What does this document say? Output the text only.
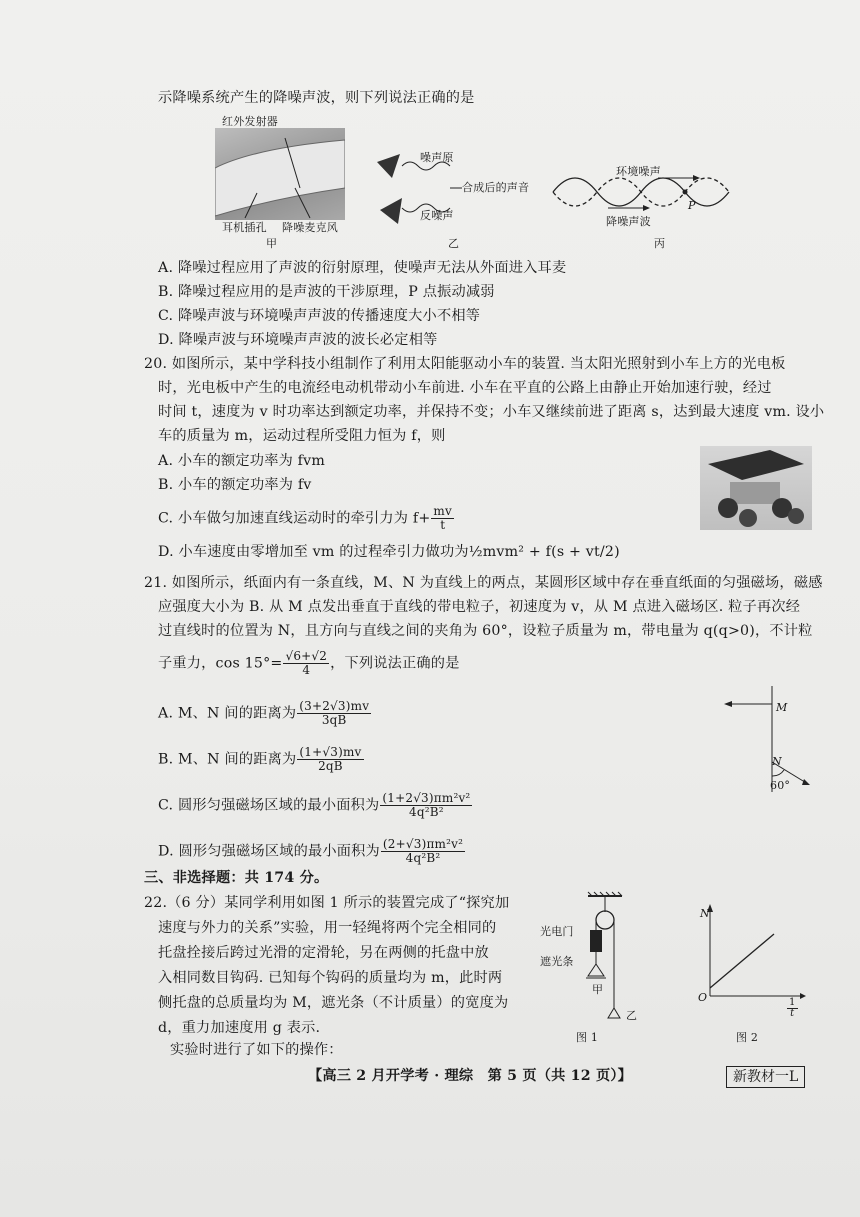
示降噪系统产生的降噪声波，则下列说法正确的是
红外发射器
耳机插孔 降噪麦克风
甲
噪声原
合成后的声音
反噪声
乙
环境噪声
降噪声波
P
丙
A. 降噪过程应用了声波的衍射原理，使噪声无法从外面进入耳麦
B. 降噪过程应用的是声波的干涉原理，P 点振动减弱
C. 降噪声波与环境噪声声波的传播速度大小不相等
D. 降噪声波与环境噪声声波的波长必定相等
20. 如图所示，某中学科技小组制作了利用太阳能驱动小车的装置. 当太阳光照射到小车上方的光电板
时，光电板中产生的电流经电动机带动小车前进. 小车在平直的公路上由静止开始加速行驶，经过
时间 t，速度为 v 时功率达到额定功率，并保持不变；小车又继续前进了距离 s，达到最大速度 vm. 设小
车的质量为 m，运动过程所受阻力恒为 f，则
A. 小车的额定功率为 fvm
B. 小车的额定功率为 fv
C. 小车做匀加速直线运动时的牵引力为 $f+ \frac{mv}{t}$
D. 小车速度由零增加至 vm 的过程牵引力做功为½mvm² + f(s + vt/2)
21. 如图所示，纸面内有一条直线，M、N 为直线上的两点，某圆形区域中存在垂直纸面的匀强磁场，磁感
应强度大小为 B. 从 M 点发出垂直于直线的带电粒子，初速度为 v，从 M 点进入磁场区. 粒子再次经
过直线时的位置为 N，且方向与直线之间的夹角为 60°，设粒子质量为 m，带电量为 q(q>0)，不计粒
子重力，$\cos 15^\circ= \frac{√6+√2}{4}$ ，下列说法正确的是
A. M、N 间的距离为 $\frac{(3+2√3)mv}{3qB}$
B. M、N 间的距离为 $\frac{(1+√3)mv}{2qB}$
C. 圆形匀强磁场区域的最小面积为 $\frac{\text{(1+2√3)πm²v²}}{\text{4q²B²}}$
D. 圆形匀强磁场区域的最小面积为 $\frac{\text{(2+√3)πm²v²}}{\text{4q²B²}}$
M
N
60°
三、非选择题：共 174 分。
22.（6 分）某同学利用如图 1 所示的装置完成了“探究加
速度与外力的关系”实验，用一轻绳将两个完全相同的
托盘拴接后跨过光滑的定滑轮，另在两侧的托盘中放
入相同数目钩码. 已知每个钩码的质量均为 m，此时两
侧托盘的总质量均为 M，遮光条（不计质量）的宽度为
d，重力加速度用 g 表示.
实验时进行了如下的操作：
光电门
遮光条
甲
乙
图 1
N
O
$\frac{1}{t}$
图 2
【高三 2 月开学考 · 理综　第 5 页（共 12 页）】	新教材一L
